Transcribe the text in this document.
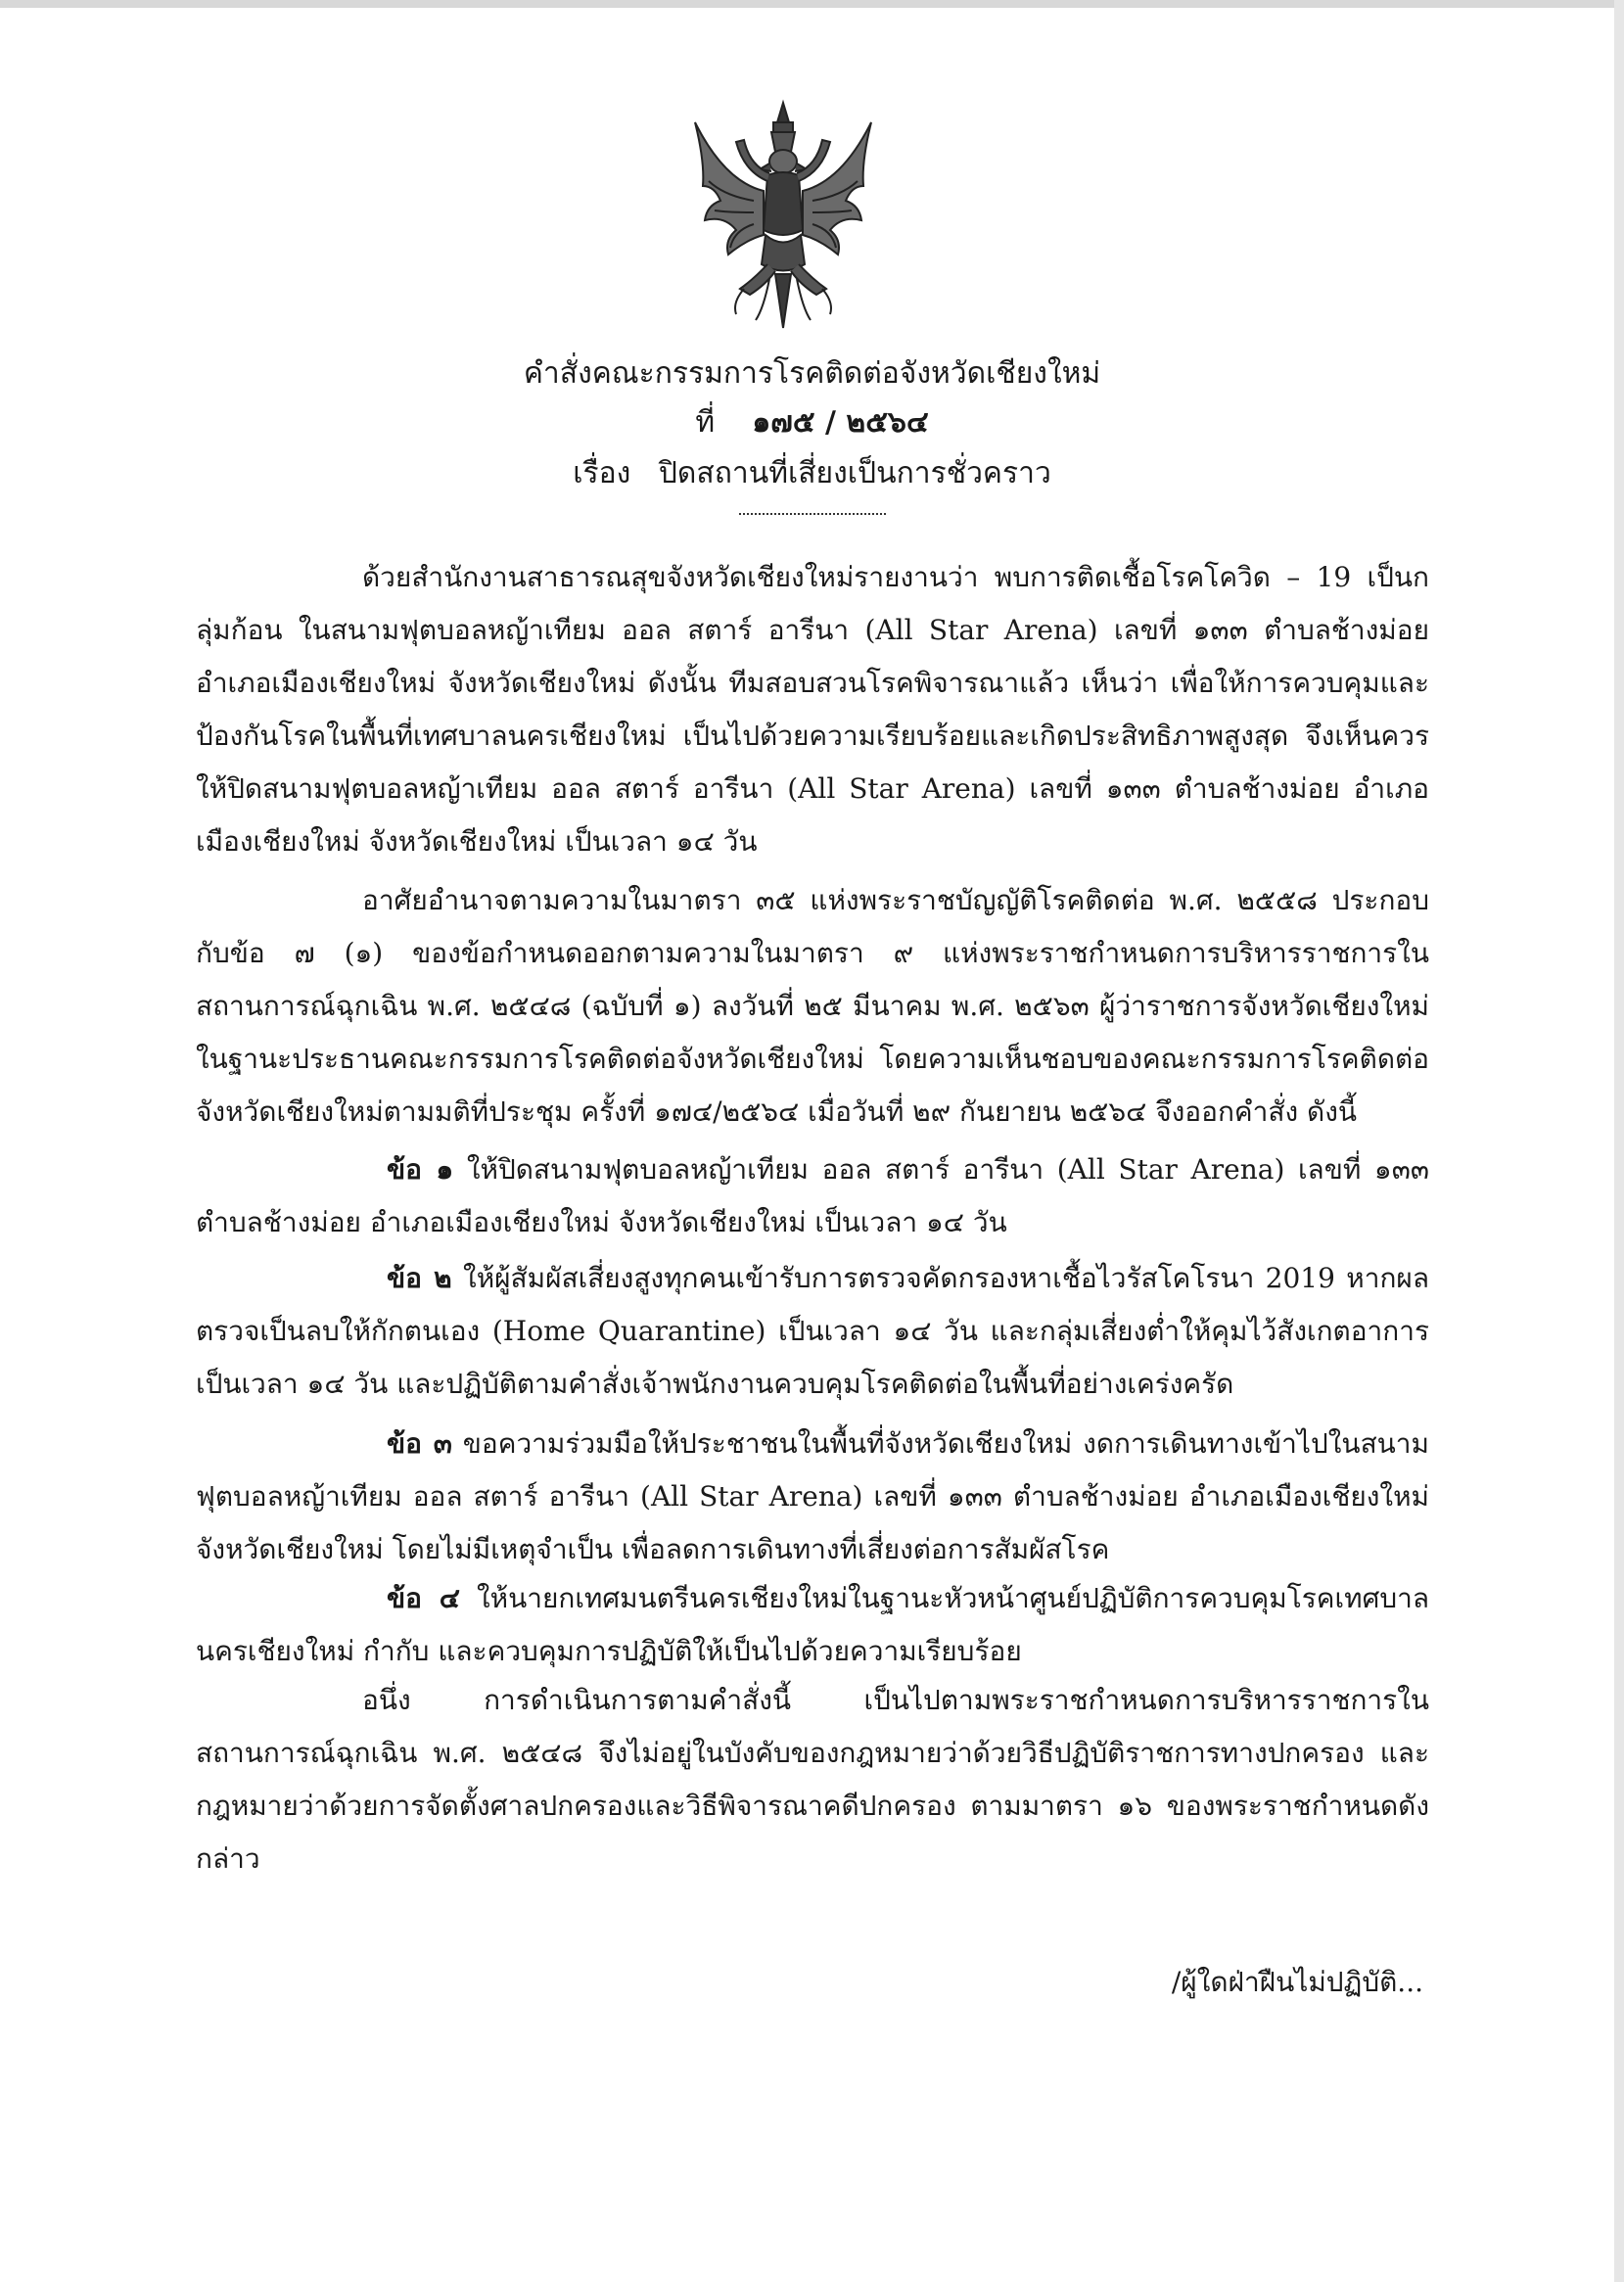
คำสั่งคณะกรรมการโรคติดต่อจังหวัดเชียงใหม่
ที่ ๑๗๕ / ๒๕๖๔
เรื่อง ปิดสถานที่เสี่ยงเป็นการชั่วคราว
ด้วยสำนักงานสาธารณสุขจังหวัดเชียงใหม่รายงานว่า พบการติดเชื้อโรคโควิด – 19 เป็นกลุ่มก้อน ในสนามฟุตบอลหญ้าเทียม ออล สตาร์ อารีนา (All Star Arena) เลขที่ ๑๓๓ ตำบลช้างม่อย อำเภอเมืองเชียงใหม่ จังหวัดเชียงใหม่ ดังนั้น ทีมสอบสวนโรคพิจารณาแล้ว เห็นว่า เพื่อให้การควบคุมและป้องกันโรคในพื้นที่เทศบาลนครเชียงใหม่ เป็นไปด้วยความเรียบร้อยและเกิดประสิทธิภาพสูงสุด จึงเห็นควรให้ปิดสนามฟุตบอลหญ้าเทียม ออล สตาร์ อารีนา (All Star Arena) เลขที่ ๑๓๓ ตำบลช้างม่อย อำเภอเมืองเชียงใหม่ จังหวัดเชียงใหม่ เป็นเวลา ๑๔ วัน
อาศัยอำนาจตามความในมาตรา ๓๕ แห่งพระราชบัญญัติโรคติดต่อ พ.ศ. ๒๕๕๘ ประกอบกับข้อ ๗ (๑) ของข้อกำหนดออกตามความในมาตรา ๙ แห่งพระราชกำหนดการบริหารราชการในสถานการณ์ฉุกเฉิน พ.ศ. ๒๕๔๘ (ฉบับที่ ๑) ลงวันที่ ๒๕ มีนาคม พ.ศ. ๒๕๖๓ ผู้ว่าราชการจังหวัดเชียงใหม่ในฐานะประธานคณะกรรมการโรคติดต่อจังหวัดเชียงใหม่ โดยความเห็นชอบของคณะกรรมการโรคติดต่อจังหวัดเชียงใหม่ตามมติที่ประชุม ครั้งที่ ๑๗๔/๒๕๖๔ เมื่อวันที่ ๒๙ กันยายน ๒๕๖๔ จึงออกคำสั่ง ดังนี้
ข้อ ๑ ให้ปิดสนามฟุตบอลหญ้าเทียม ออล สตาร์ อารีนา (All Star Arena) เลขที่ ๑๓๓ ตำบลช้างม่อย อำเภอเมืองเชียงใหม่ จังหวัดเชียงใหม่ เป็นเวลา ๑๔ วัน
ข้อ ๒ ให้ผู้สัมผัสเสี่ยงสูงทุกคนเข้ารับการตรวจคัดกรองหาเชื้อไวรัสโคโรนา 2019 หากผลตรวจเป็นลบให้กักตนเอง (Home Quarantine) เป็นเวลา ๑๔ วัน และกลุ่มเสี่ยงต่ำให้คุมไว้สังเกตอาการ เป็นเวลา ๑๔ วัน และปฏิบัติตามคำสั่งเจ้าพนักงานควบคุมโรคติดต่อในพื้นที่อย่างเคร่งครัด
ข้อ ๓ ขอความร่วมมือให้ประชาชนในพื้นที่จังหวัดเชียงใหม่ งดการเดินทางเข้าไปในสนามฟุตบอลหญ้าเทียม ออล สตาร์ อารีนา (All Star Arena) เลขที่ ๑๓๓ ตำบลช้างม่อย อำเภอเมืองเชียงใหม่ จังหวัดเชียงใหม่ โดยไม่มีเหตุจำเป็น เพื่อลดการเดินทางที่เสี่ยงต่อการสัมผัสโรค
ข้อ ๔ ให้นายกเทศมนตรีนครเชียงใหม่ในฐานะหัวหน้าศูนย์ปฏิบัติการควบคุมโรคเทศบาลนครเชียงใหม่ กำกับ และควบคุมการปฏิบัติให้เป็นไปด้วยความเรียบร้อย
อนึ่ง การดำเนินการตามคำสั่งนี้ เป็นไปตามพระราชกำหนดการบริหารราชการในสถานการณ์ฉุกเฉิน พ.ศ. ๒๕๔๘ จึงไม่อยู่ในบังคับของกฎหมายว่าด้วยวิธีปฏิบัติราชการทางปกครอง และกฎหมายว่าด้วยการจัดตั้งศาลปกครองและวิธีพิจารณาคดีปกครอง ตามมาตรา ๑๖ ของพระราชกำหนดดังกล่าว
/ผู้ใดฝ่าฝืนไม่ปฏิบัติ...
